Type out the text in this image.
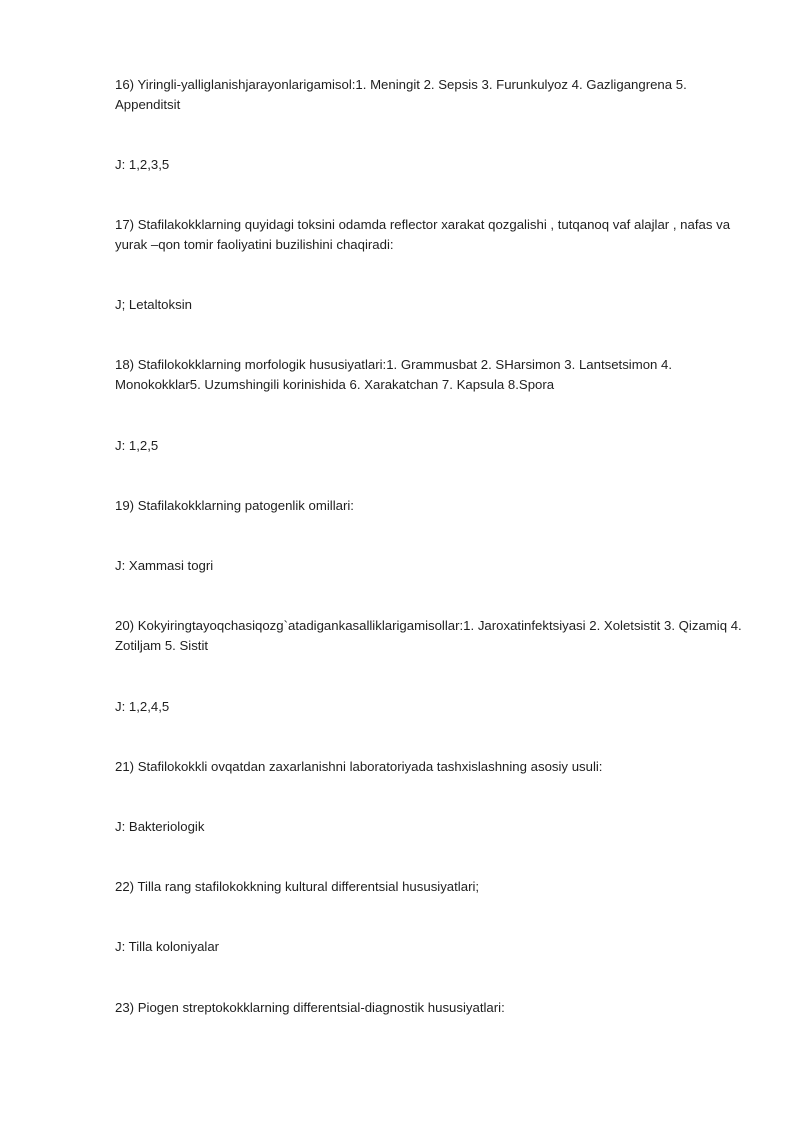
16) Yiringli-yalliglanishjarayonlarigamisol:1. Meningit 2. Sepsis 3. Furunkulyoz 4. Gazligangrena 5. Appenditsit

J: 1,2,3,5

17) Stafilakokklarning quyidagi toksini odamda reflector xarakat qozgalishi , tutqanoq vaf alajlar , nafas va yurak –qon tomir faoliyatini buzilishini chaqiradi:

J; Letaltoksin

18) Stafilokokklarning morfologik hususiyatlari:1. Grammusbat 2. SHarsimon 3. Lantsetsimon 4. Monokokklar5. Uzumshingili korinishida 6. Xarakatchan 7. Kapsula 8.Spora

J: 1,2,5

19) Stafilakokklarning patogenlik omillari:

J: Xammasi togri

20) Kokyiringtayoqchasiqozg`atadigankasalliklarigamisollar:1. Jaroxatinfektsiyasi 2. Xoletsistit 3. Qizamiq 4. Zotiljam 5. Sistit

J: 1,2,4,5

21) Stafilokokkli ovqatdan zaxarlanishni laboratoriyada tashxislashning asosiy usuli:

J: Bakteriologik

22) Tilla rang stafilokokkning kultural differentsial hususiyatlari;

J: Tilla koloniyalar

23) Piogen streptokokklarning differentsial-diagnostik hususiyatlari:
